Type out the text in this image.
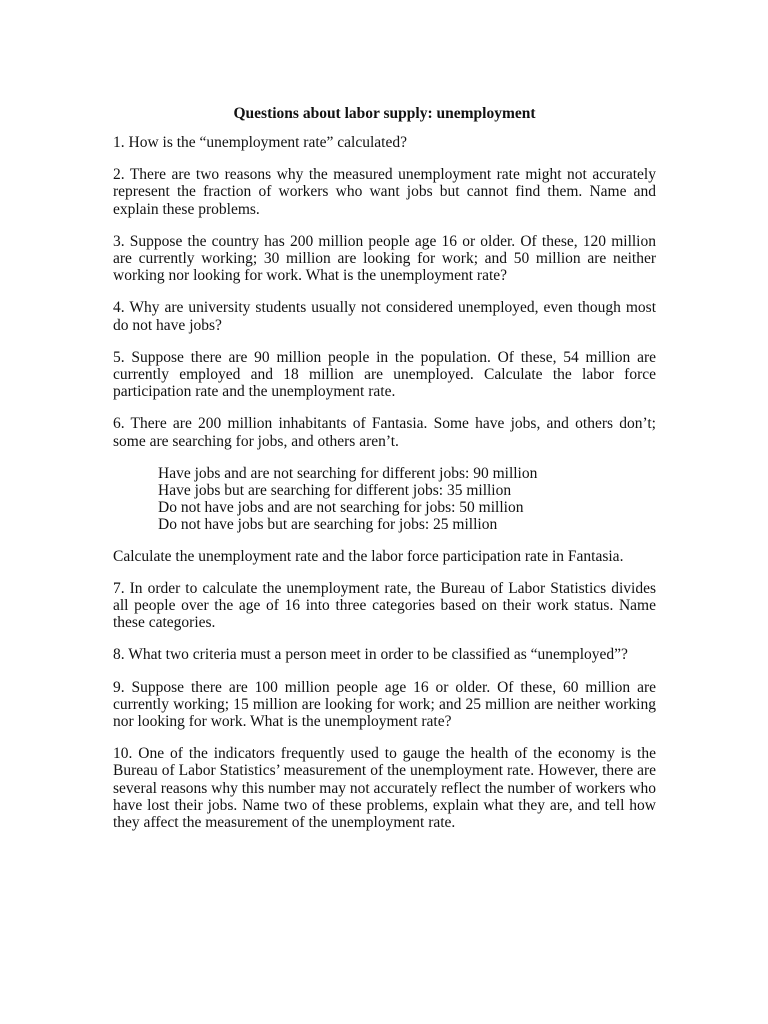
Questions about labor supply: unemployment

1. How is the “unemployment rate” calculated?

2. There are two reasons why the measured unemployment rate might not accurately represent the fraction of workers who want jobs but cannot find them. Name and explain these problems.

3. Suppose the country has 200 million people age 16 or older. Of these, 120 million are currently working; 30 million are looking for work; and 50 million are neither working nor looking for work. What is the unemployment rate?

4. Why are university students usually not considered unemployed, even though most do not have jobs?

5. Suppose there are 90 million people in the population. Of these, 54 million are currently employed and 18 million are unemployed. Calculate the labor force participation rate and the unemployment rate.

6. There are 200 million inhabitants of Fantasia. Some have jobs, and others don’t; some are searching for jobs, and others aren’t.

Have jobs and are not searching for different jobs: 90 million
Have jobs but are searching for different jobs: 35 million
Do not have jobs and are not searching for jobs: 50 million
Do not have jobs but are searching for jobs: 25 million

Calculate the unemployment rate and the labor force participation rate in Fantasia.

7. In order to calculate the unemployment rate, the Bureau of Labor Statistics divides all people over the age of 16 into three categories based on their work status. Name these categories.

8. What two criteria must a person meet in order to be classified as “unemployed”?

9. Suppose there are 100 million people age 16 or older. Of these, 60 million are currently working; 15 million are looking for work; and 25 million are neither working nor looking for work. What is the unemployment rate?

10. One of the indicators frequently used to gauge the health of the economy is the Bureau of Labor Statistics’ measurement of the unemployment rate. However, there are several reasons why this number may not accurately reflect the number of workers who have lost their jobs. Name two of these problems, explain what they are, and tell how they affect the measurement of the unemployment rate.
